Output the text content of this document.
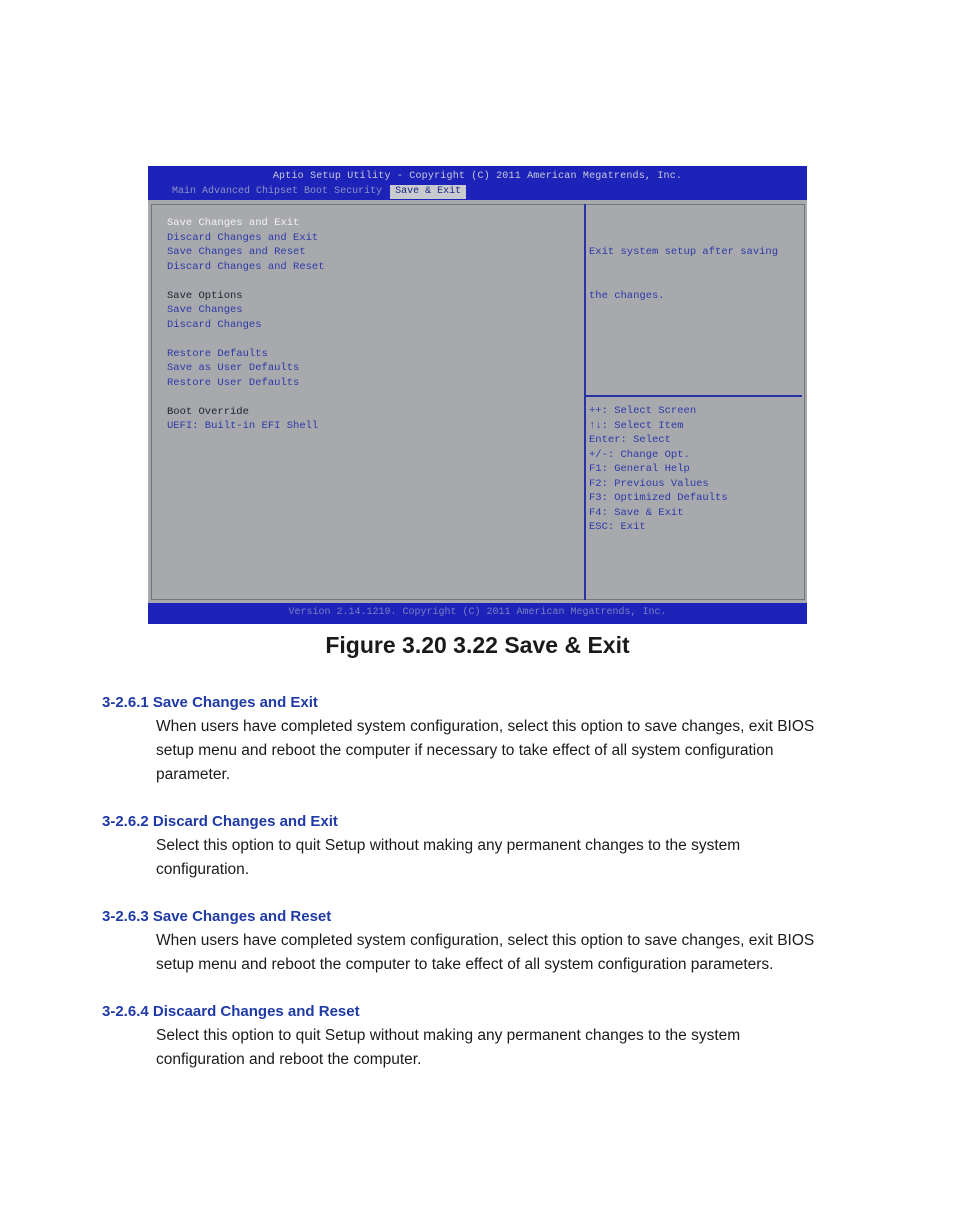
Aptio Setup Utility - Copyright (C) 2011 American Megatrends, Inc.
Main Advanced Chipset Boot Security	Save & Exit
Save Changes and Exit
Discard Changes and Exit
Save Changes and Reset
Discard Changes and Reset
Save Options
Save Changes
Discard Changes
Restore Defaults
Save as User Defaults
Restore User Defaults
Boot Override
UEFI: Built-in EFI Shell

Exit system setup after saving

the changes.

++: Select Screen
↑↓: Select Item
Enter: Select
+/-: Change Opt.
F1: General Help
F2: Previous Values
F3: Optimized Defaults
F4: Save & Exit
ESC: Exit
Version 2.14.1219. Copyright (C) 2011 American Megatrends, Inc.
Figure 3.20 3.22 Save & Exit
3-2.6.1 Save Changes and Exit
When users have completed system configuration, select this option to save changes, exit BIOS
setup menu and reboot the computer if necessary to take effect of all system configuration
parameter.
3-2.6.2 Discard Changes and Exit
Select this option to quit Setup without making any permanent changes to the system
configuration.
3-2.6.3 Save Changes and Reset
When users have completed system configuration, select this option to save changes, exit BIOS
setup menu and reboot the computer to take effect of all system configuration parameters.
3-2.6.4 Discaard Changes and Reset
Select this option to quit Setup without making any permanent changes to the system
configuration and reboot the computer.
